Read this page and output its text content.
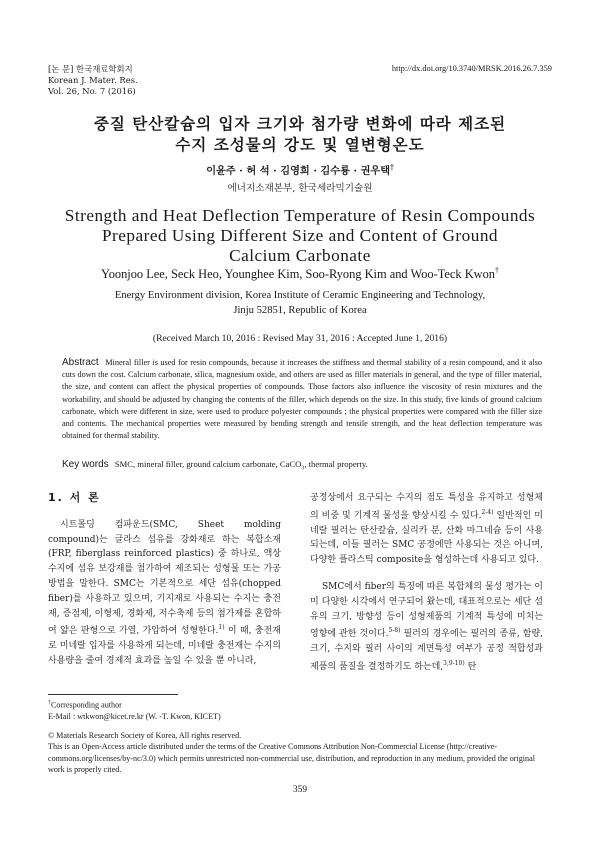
[논 문] 한국재료학회지
Korean J. Mater. Res.
Vol. 26, No. 7 (2016)
http://dx.doi.org/10.3740/MRSK.2016.26.7.359
중질 탄산칼슘의 입자 크기와 첨가량 변화에 따라 제조된
수지 조성물의 강도 및 열변형온도
이윤주 · 허 석 · 김영희 · 김수룡 · 권우택†
에너지소재본부, 한국세라믹기술원
Strength and Heat Deflection Temperature of Resin Compounds
Prepared Using Different Size and Content of Ground
Calcium Carbonate
Yoonjoo Lee, Seck Heo, Younghee Kim, Soo-Ryong Kim and Woo-Teck Kwon†
Energy Environment division, Korea Institute of Ceramic Engineering and Technology,
Jinju 52851, Republic of Korea
(Received March 10, 2016 : Revised May 31, 2016 : Accepted June 1, 2016)
Abstract Mineral filler is used for resin compounds, because it increases the stiffness and thermal stability of a resin compound, and it also cuts down the cost. Calcium carbonate, silica, magnesium oxide, and others are used as filler materials in general, and the type of filler material, the size, and content can affect the physical properties of compounds. Those factors also influence the viscosity of resin mixtures and the workability, and should be adjusted by changing the contents of the filler, which depends on the size. In this study, five kinds of ground calcium carbonate, which were different in size, were used to produce polyester compounds ; the physical properties were compared with the filler size and contents. The mechanical properties were measured by bending strength and tensile strength, and the heat deflection temperature was obtained for thermal stability.
Key words SMC, mineral filler, ground calcium carbonate, CaCO$_3$, thermal property.
1. 서 론

시트몰딩 컴파운드(SMC, Sheet molding compound)는 글라스 섬유를 강화재로 하는 복합소재(FRP, fiberglass reinforced plastics) 중 하나로, 액상 수지에 섬유 보강재를 첨가하여 제조되는 성형물 또는 가공방법을 말한다. SMC는 기본적으로 세단 섬유(chopped fiber)를 사용하고 있으며, 기지재로 사용되는 수지는 충전재, 증점제, 이형제, 경화제, 저수축제 등의 첨가제를 혼합하여 얇은 판형으로 가열, 가압하여 성형한다.$^{1)}$ 이 때, 충전재로 미네랄 입자를 사용하게 되는데, 미네랄 충전재는 수지의 사용량을 줄여 경제적 효과를 높일 수 있을 뿐 아니라,

공정상에서 요구되는 수지의 점도 특성을 유지하고 성형체의 비중 및 기계적 물성을 향상시킬 수 있다.$^{2-4)}$ 일반적인 미네랄 필러는 탄산칼슘, 실리카 분, 산화 마그네슘 등이 사용되는데, 이들 필러는 SMC 공정에만 사용되는 것은 아니며, 다양한 플라스틱 composite을 형성하는데 사용되고 있다.

SMC에서 fiber의 특징에 따른 복합체의 물성 평가는 이미 다양한 시각에서 연구되어 왔는데, 대표적으로는 세단 섬유의 크기, 방향성 등이 성형제품의 기계적 특성에 미치는 영향에 관한 것이다.$^{5-8)}$ 필러의 경우에는 필러의 종류, 함량, 크기, 수지와 필러 사이의 계면특성 여부가 공정 적합성과 제품의 품질을 결정하기도 하는데,$^{3,9-10)}$ 탄

†Corresponding author
E-Mail : wtkwon@kicet.re.kr (W. -T. Kwon, KICET)
© Materials Research Society of Korea, All rights reserved.
This is an Open-Access article distributed under the terms of the Creative Commons Attribution Non-Commercial License (http://creative-commons.org/licenses/by-nc/3.0) which permits unrestricted non-commercial use, distribution, and reproduction in any medium, provided the original work is properly cited.
359
